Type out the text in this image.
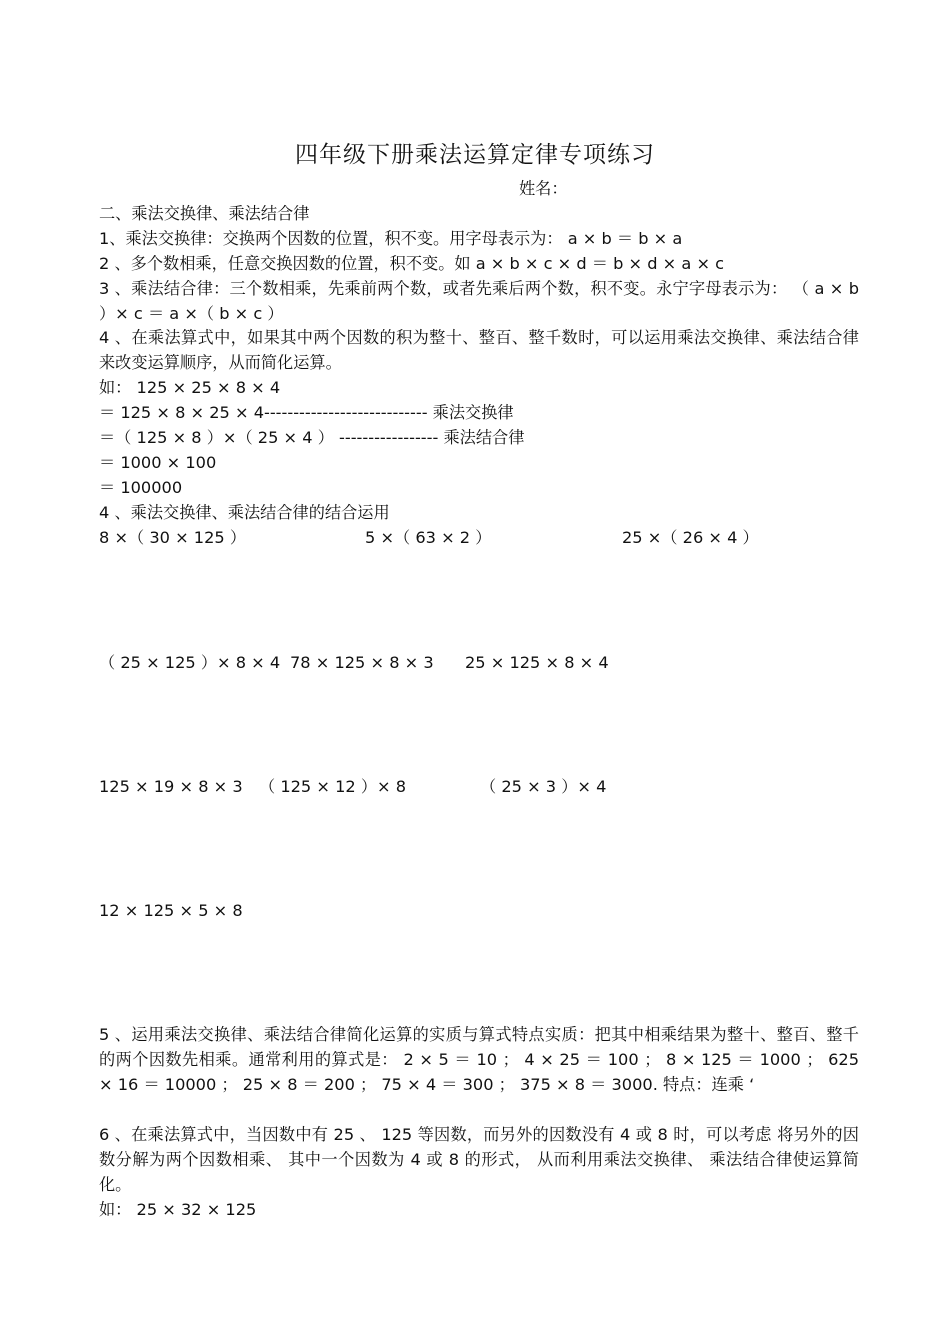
四年级下册乘法运算定律专项练习
姓名：
二、乘法交换律、乘法结合律
1、乘法交换律：交换两个因数的位置，积不变。用字母表示为： a × b ＝ b × a
2 、多个数相乘，任意交换因数的位置，积不变。如 a × b × c × d ＝ b × d × a × c
3 、乘法结合律：三个数相乘，先乘前两个数，或者先乘后两个数，积不变。永宁字母表示为： （ a × b ）× c ＝ a ×（ b × c ）
4 、在乘法算式中，如果其中两个因数的积为整十、整百、整千数时，可以运用乘法交换律、乘法结合律来改变运算顺序，从而简化运算。
如： 125 × 25 × 8 × 4
＝ 125 × 8 × 25 × 4---------------------------- 乘法交换律
＝（ 125 × 8 ）×（ 25 × 4 ） ----------------- 乘法结合律
＝ 1000 × 100
＝ 100000
4 、乘法交换律、乘法结合律的结合运用
8 ×（ 30 × 125 ）	5 ×（ 63 × 2 ）	25 ×（ 26 × 4 ）
（ 25 × 125 ）× 8 × 4 78 × 125 × 8 × 3 25 × 125 × 8 × 4
125 × 19 × 8 × 3 （ 125 × 12 ）× 8	（ 25 × 3 ）× 4
12 × 125 × 5 × 8
5 、运用乘法交换律、乘法结合律简化运算的实质与算式特点实质：把其中相乘结果为整十、整百、整千的两个因数先相乘。通常利用的算式是： 2 × 5 ＝ 10 ； 4 × 25 ＝ 100 ； 8 × 125 ＝ 1000 ； 625 × 16 ＝ 10000 ； 25 × 8 ＝ 200 ； 75 × 4 ＝ 300 ； 375 × 8 ＝ 3000. 特点：连乘 ‘
6 、在乘法算式中，当因数中有 25 、 125 等因数，而另外的因数没有 4 或 8 时，可以考虑 将另外的因数分解为两个因数相乘、 其中一个因数为 4 或 8 的形式， 从而利用乘法交换律、 乘法结合律使运算简化。
如： 25 × 32 × 125
